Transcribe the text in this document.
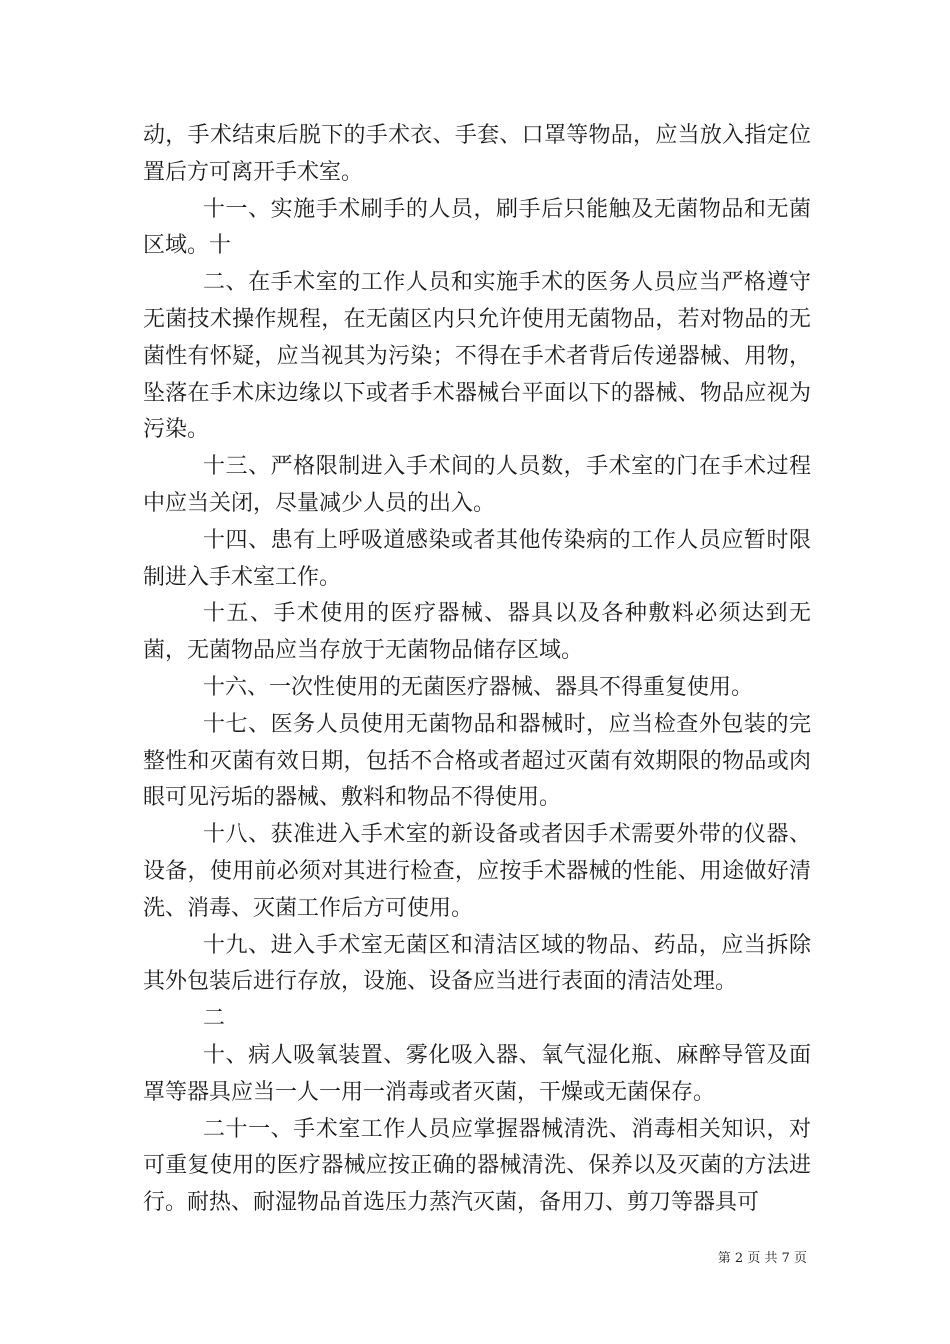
动，手术结束后脱下的手术衣、手套、口罩等物品，应当放入指定位置后方可离开手术室。

十一、实施手术刷手的人员，刷手后只能触及无菌物品和无菌区域。十

二、在手术室的工作人员和实施手术的医务人员应当严格遵守无菌技术操作规程，在无菌区内只允许使用无菌物品，若对物品的无菌性有怀疑，应当视其为污染；不得在手术者背后传递器械、用物，坠落在手术床边缘以下或者手术器械台平面以下的器械、物品应视为污染。

十三、严格限制进入手术间的人员数，手术室的门在手术过程中应当关闭，尽量减少人员的出入。

十四、患有上呼吸道感染或者其他传染病的工作人员应暂时限制进入手术室工作。

十五、手术使用的医疗器械、器具以及各种敷料必须达到无菌，无菌物品应当存放于无菌物品储存区域。

十六、一次性使用的无菌医疗器械、器具不得重复使用。

十七、医务人员使用无菌物品和器械时，应当检查外包装的完整性和灭菌有效日期，包括不合格或者超过灭菌有效期限的物品或肉眼可见污垢的器械、敷料和物品不得使用。

十八、获准进入手术室的新设备或者因手术需要外带的仪器、设备，使用前必须对其进行检查，应按手术器械的性能、用途做好清洗、消毒、灭菌工作后方可使用。

十九、进入手术室无菌区和清洁区域的物品、药品，应当拆除其外包装后进行存放，设施、设备应当进行表面的清洁处理。

二

十、病人吸氧装置、雾化吸入器、氧气湿化瓶、麻醉导管及面罩等器具应当一人一用一消毒或者灭菌，干燥或无菌保存。

二十一、手术室工作人员应掌握器械清洗、消毒相关知识，对可重复使用的医疗器械应按正确的器械清洗、保养以及灭菌的方法进行。耐热、耐湿物品首选压力蒸汽灭菌，备用刀、剪刀等器具可

第 2 页 共 7 页
